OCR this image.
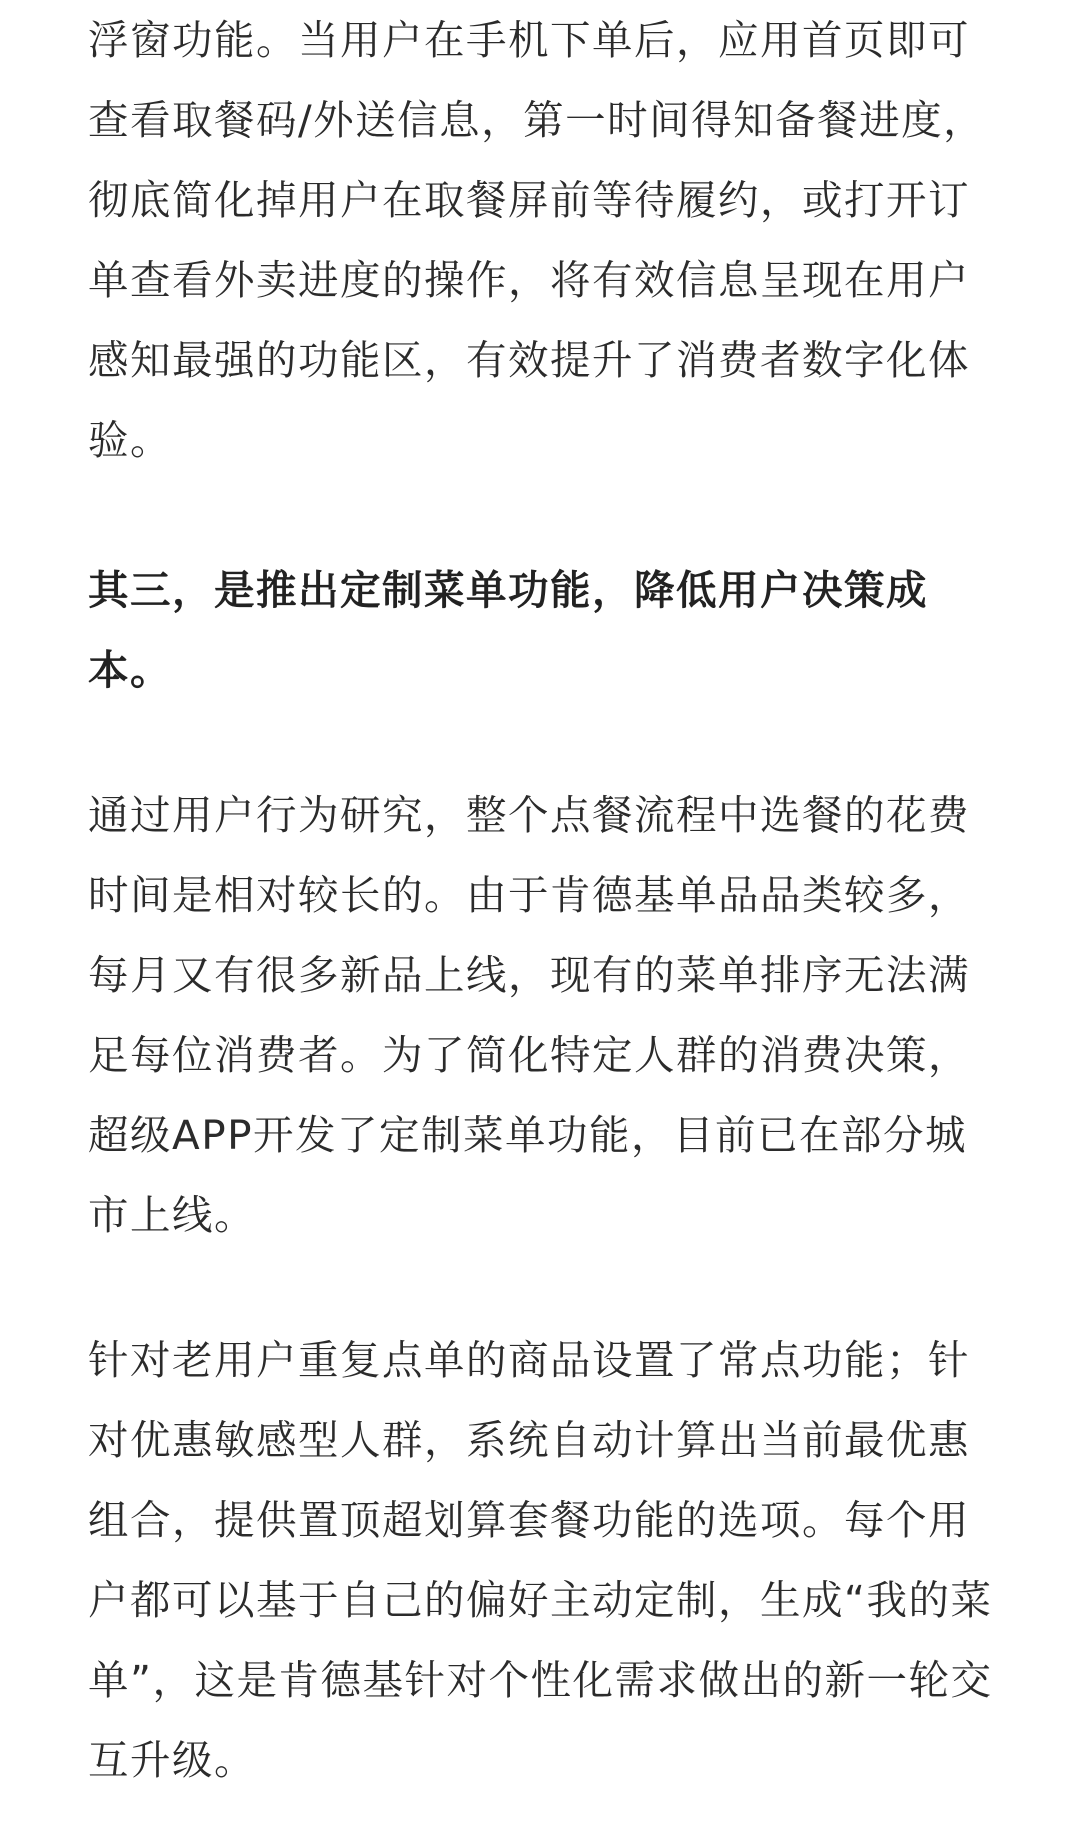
浮窗功能。当用户在手机下单后，应用首页即可
查看取餐码/外送信息，第一时间得知备餐进度，
彻底简化掉用户在取餐屏前等待履约，或打开订
单查看外卖进度的操作，将有效信息呈现在用户
感知最强的功能区，有效提升了消费者数字化体
验。
其三，是推出定制菜单功能，降低用户决策成
本。
通过用户行为研究，整个点餐流程中选餐的花费
时间是相对较长的。由于肯德基单品品类较多，
每月又有很多新品上线，现有的菜单排序无法满
足每位消费者。为了简化特定人群的消费决策，
超级APP开发了定制菜单功能，目前已在部分城
市上线。
针对老用户重复点单的商品设置了常点功能；针
对优惠敏感型人群，系统自动计算出当前最优惠
组合，提供置顶超划算套餐功能的选项。每个用
户都可以基于自己的偏好主动定制，生成“我的菜
单”，这是肯德基针对个性化需求做出的新一轮交
互升级。
